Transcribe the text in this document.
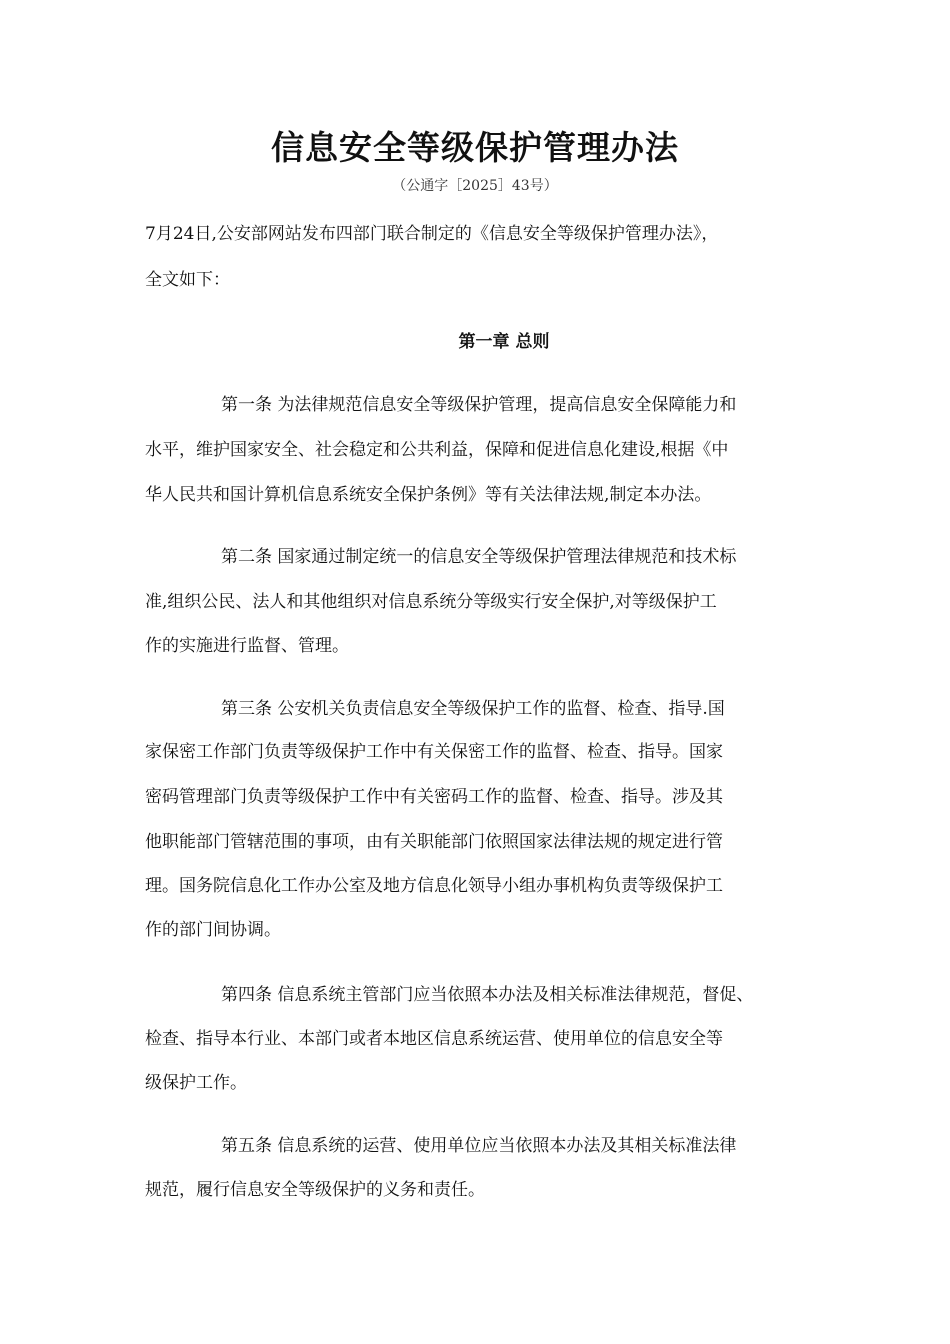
信息安全等级保护管理办法
（公通字［2025］43号）
7月24日,公安部网站发布四部门联合制定的《信息安全等级保护管理办法》，
全文如下：
第一章 总则
第一条 为法律规范信息安全等级保护管理，提高信息安全保障能力和
水平，维护国家安全、社会稳定和公共利益，保障和促进信息化建设,根据《中
华人民共和国计算机信息系统安全保护条例》等有关法律法规,制定本办法。
第二条 国家通过制定统一的信息安全等级保护管理法律规范和技术标
准,组织公民、法人和其他组织对信息系统分等级实行安全保护,对等级保护工
作的实施进行监督、管理。
第三条 公安机关负责信息安全等级保护工作的监督、检查、指导.国
家保密工作部门负责等级保护工作中有关保密工作的监督、检查、指导。国家
密码管理部门负责等级保护工作中有关密码工作的监督、检查、指导。涉及其
他职能部门管辖范围的事项，由有关职能部门依照国家法律法规的规定进行管
理。国务院信息化工作办公室及地方信息化领导小组办事机构负责等级保护工
作的部门间协调。
第四条 信息系统主管部门应当依照本办法及相关标准法律规范，督促、
检查、指导本行业、本部门或者本地区信息系统运营、使用单位的信息安全等
级保护工作。
第五条 信息系统的运营、使用单位应当依照本办法及其相关标准法律
规范，履行信息安全等级保护的义务和责任。
